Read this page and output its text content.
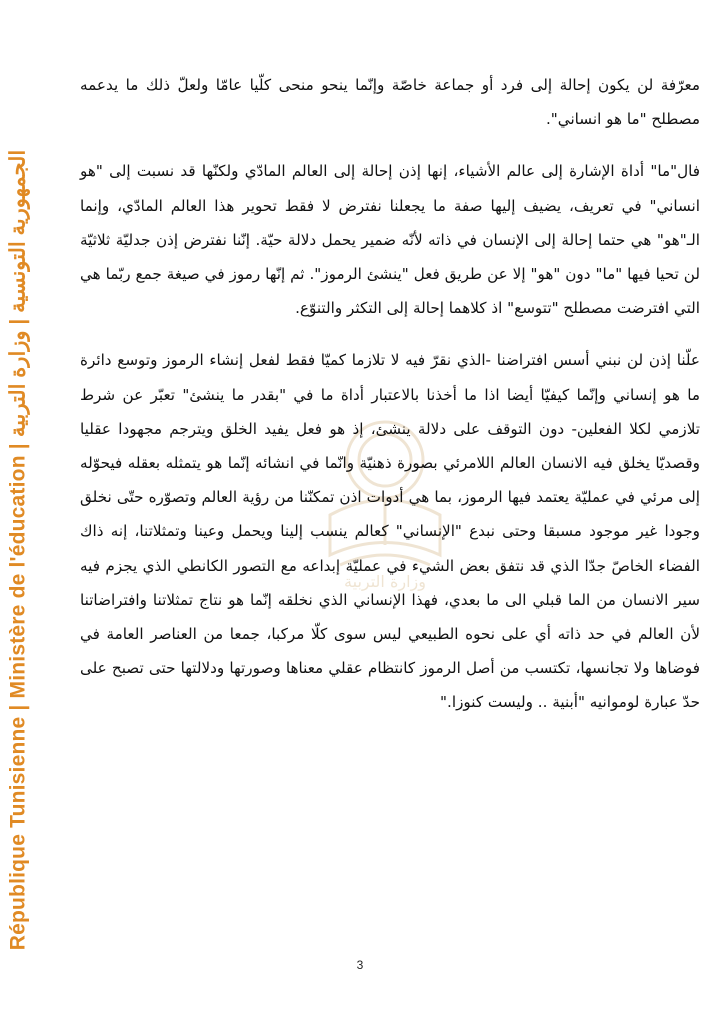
République Tunisienne | Ministère de l'éducation | الجمهورية التونسية | وزارة التربية
وزارة التربية

معرّفة لن يكون إحالة إلى فرد أو جماعة خاصّة وإنّما ينحو منحى كلّيا عامّا ولعلّ ذلك ما يدعمه مصطلح "ما هو انساني".

فال"ما" أداة الإشارة إلى عالم الأشياء، إنها إذن إحالة إلى العالم المادّي ولكنّها قد نسبت إلى "هو انساني" في تعريف، يضيف إليها صفة ما يجعلنا نفترض لا فقط تحوير هذا العالم المادّي، وإنما الـ"هو" هي حتما إحالة إلى الإنسان في ذاته لأنّه ضمير يحمل دلالة حيّة. إنّنا نفترض إذن جدليّة ثلاثيّة لن تحيا فيها "ما" دون "هو" إلا عن طريق فعل "ينشئ الرموز". ثم إنّها رموز في صيغة جمع ربّما هي التي افترضت مصطلح "تتوسع" اذ كلاهما إحالة إلى التكثر والتنوّع.

علّنا إذن لن نبني أسس افتراضنا -الذي نقرّ فيه لا تلازما كميّا فقط لفعل إنشاء الرموز وتوسع دائرة ما هو إنساني وإنّما كيفيّا أيضا اذا ما أخذنا بالاعتبار أداة ما في "بقدر ما ينشئ" تعبّر عن شرط تلازمي لكلا الفعلين- دون التوقف على دلالة ينشئ، إذ هو فعل يفيد الخلق ويترجم مجهودا عقليا وقصديّا يخلق فيه الانسان العالم اللامرئي بصورة ذهنيّة وانّما في انشائه إنّما هو يتمثله بعقله فيحوّله إلى مرئي في عمليّة يعتمد فيها الرموز، بما هي أدوات اذن تمكنّنا من رؤية العالم وتصوّره حتّى نخلق وجودا غير موجود مسبقا وحتى نبدع "الإنساني" كعالم ينسب إلينا ويحمل وعينا وتمثلاتنا، إنه ذاك الفضاء الخاصّ جدّا الذي قد نتفق بعض الشيء في عمليّة إبداعه مع التصور الكانطي الذي يجزم فيه سير الانسان من الما قبلي الى ما بعدي، فهذا الإنساني الذي نخلقه إنّما هو نتاج تمثلاتنا وافتراضاتنا لأن العالم في حد ذاته أي على نحوه الطبيعي ليس سوى كلّا مركبا، جمعا من العناصر العامة في فوضاها ولا تجانسها، تكتسب من أصل الرموز كانتظام عقلي معناها وصورتها ودلالتها حتى تصبح على حدّ عبارة لوموانيه "أبنية .. وليست كنوزا."

3
